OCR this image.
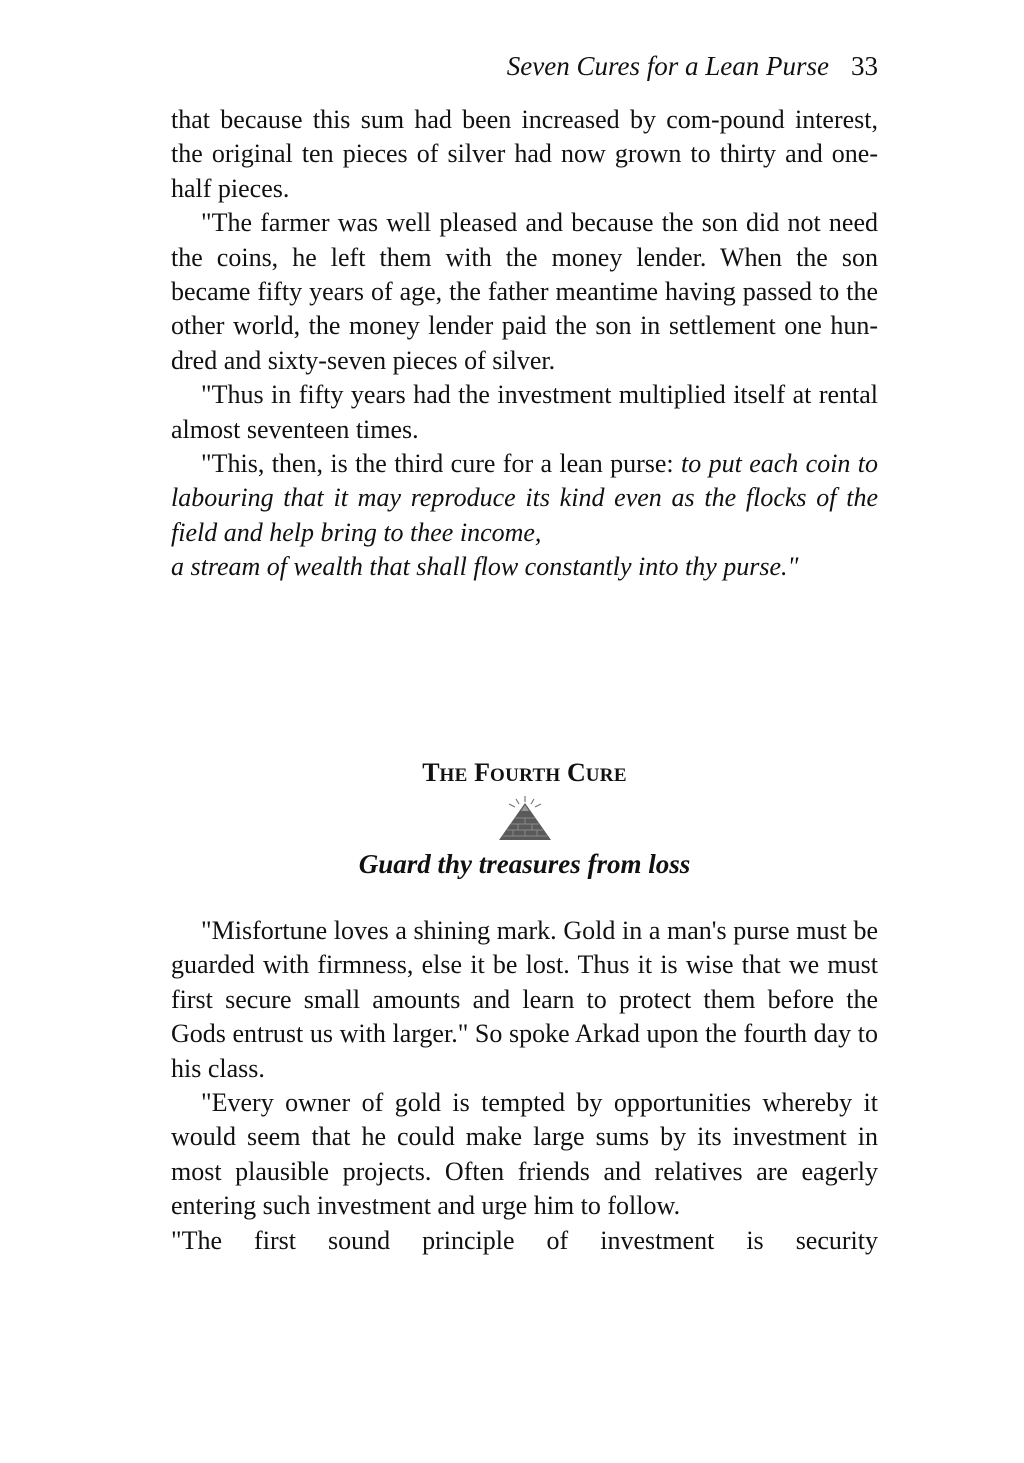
Seven Cures for a Lean Purse 33

that because this sum had been increased by com-pound interest, the original ten pieces of silver had now grown to thirty and one-half pieces.

"The farmer was well pleased and because the son did not need the coins, he left them with the money lender. When the son became fifty years of age, the father meantime having passed to the other world, the money lender paid the son in settlement one hun-dred and sixty-seven pieces of silver.

"Thus in fifty years had the investment multiplied itself at rental almost seventeen times.

"This, then, is the third cure for a lean purse: to put each coin to labouring that it may reproduce its kind even as the flocks of the field and help bring to thee income,

a stream of wealth that shall flow constantly into thy purse."

THE FOURTH CURE
Guard thy treasures from loss

"Misfortune loves a shining mark. Gold in a man's purse must be guarded with firmness, else it be lost. Thus it is wise that we must first secure small amounts and learn to protect them before the Gods entrust us with larger." So spoke Arkad upon the fourth day to his class.

"Every owner of gold is tempted by opportunities whereby it would seem that he could make large sums by its investment in most plausible projects. Often friends and relatives are eagerly entering such investment and urge him to follow.

"The first sound principle of investment is security
